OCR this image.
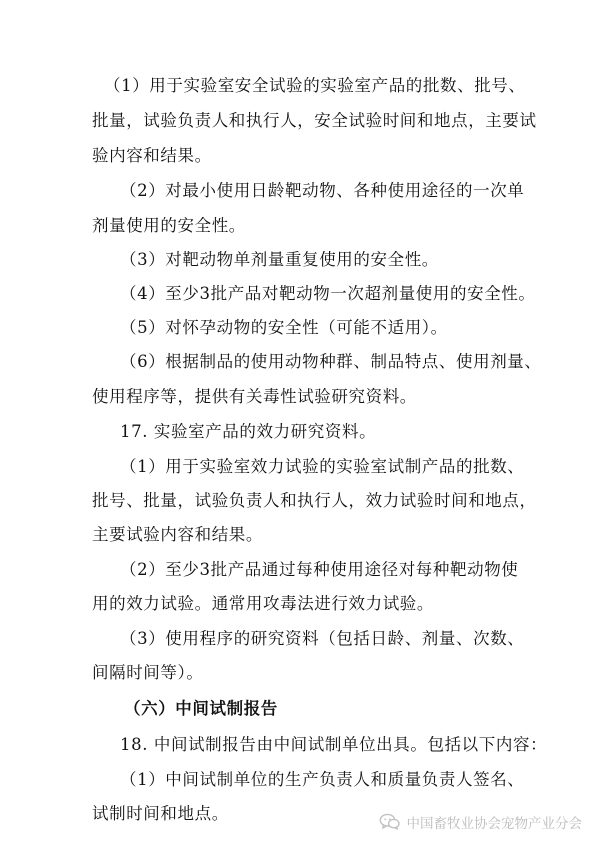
（1）用于实验室安全试验的实验室产品的批数、批号、
批量，试验负责人和执行人，安全试验时间和地点，主要试
验内容和结果。
（2）对最小使用日龄靶动物、各种使用途径的一次单
剂量使用的安全性。
（3）对靶动物单剂量重复使用的安全性。
（4）至少3批产品对靶动物一次超剂量使用的安全性。
（5）对怀孕动物的安全性（可能不适用）。
（6）根据制品的使用动物种群、制品特点、使用剂量、
使用程序等，提供有关毒性试验研究资料。
17. 实验室产品的效力研究资料。
（1）用于实验室效力试验的实验室试制产品的批数、
批号、批量，试验负责人和执行人，效力试验时间和地点，
主要试验内容和结果。
（2）至少3批产品通过每种使用途径对每种靶动物使
用的效力试验。通常用攻毒法进行效力试验。
（3）使用程序的研究资料（包括日龄、剂量、次数、
间隔时间等）。
（六）中间试制报告
18. 中间试制报告由中间试制单位出具。包括以下内容：
（1）中间试制单位的生产负责人和质量负责人签名、
试制时间和地点。
中国畜牧业协会宠物产业分会
